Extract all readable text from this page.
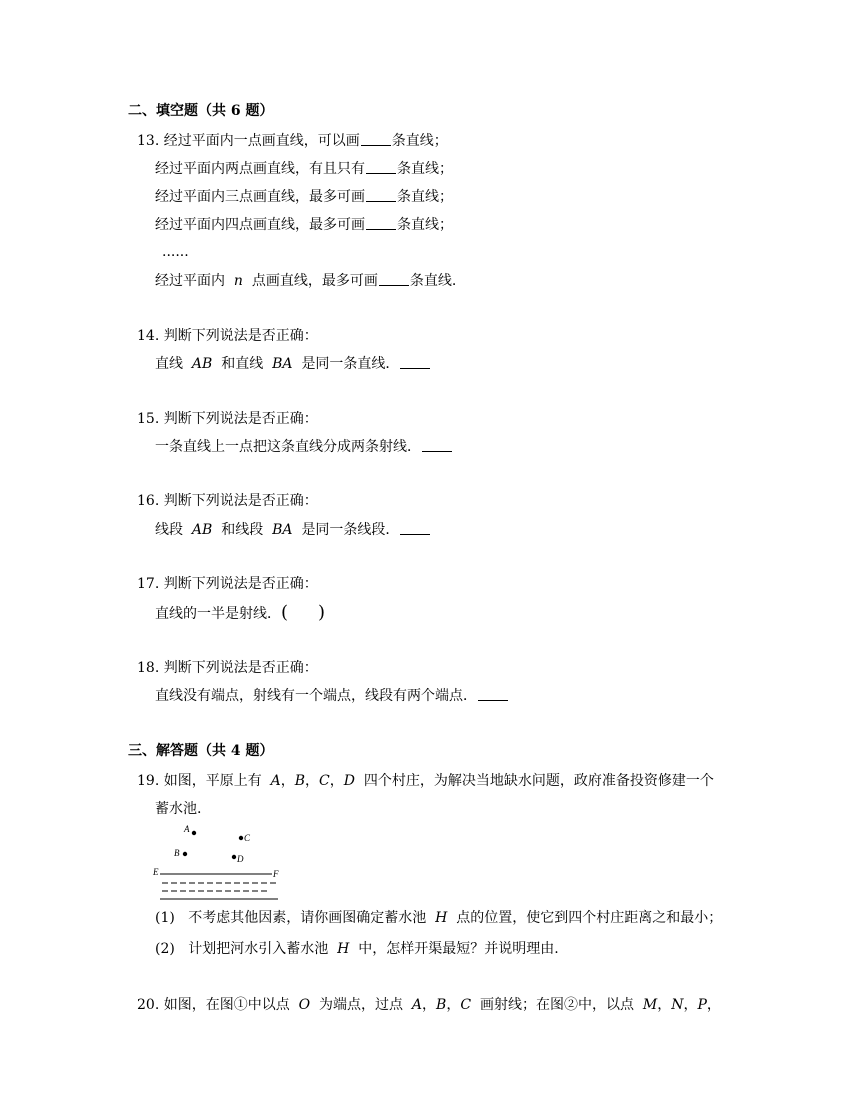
二、填空题（共 6 题）
13. 经过平面内一点画直线，可以画 条直线；
经过平面内两点画直线，有且只有 条直线；
经过平面内三点画直线，最多可画 条直线；
经过平面内四点画直线，最多可画 条直线；
......
经过平面内 n 点画直线，最多可画 条直线.
14. 判断下列说法是否正确：
直线 AB 和直线 BA 是同一条直线．
15. 判断下列说法是否正确：
一条直线上一点把这条直线分成两条射线．
16. 判断下列说法是否正确：
线段 AB 和线段 BA 是同一条线段．
17. 判断下列说法是否正确：
直线的一半是射线．( )
18. 判断下列说法是否正确：
直线没有端点，射线有一个端点，线段有两个端点．
三、解答题（共 4 题）
19. 如图，平原上有 A，B，C，D 四个村庄，为解决当地缺水问题，政府准备投资修建一个
蓄水池.
A
B
C
D
E	F
(1) 不考虑其他因素，请你画图确定蓄水池 H 点的位置，使它到四个村庄距离之和最小；
(2) 计划把河水引入蓄水池 H 中，怎样开渠最短？并说明理由.
20. 如图，在图①中以点 O 为端点，过点 A，B，C 画射线；在图②中，以点 M，N，P，
